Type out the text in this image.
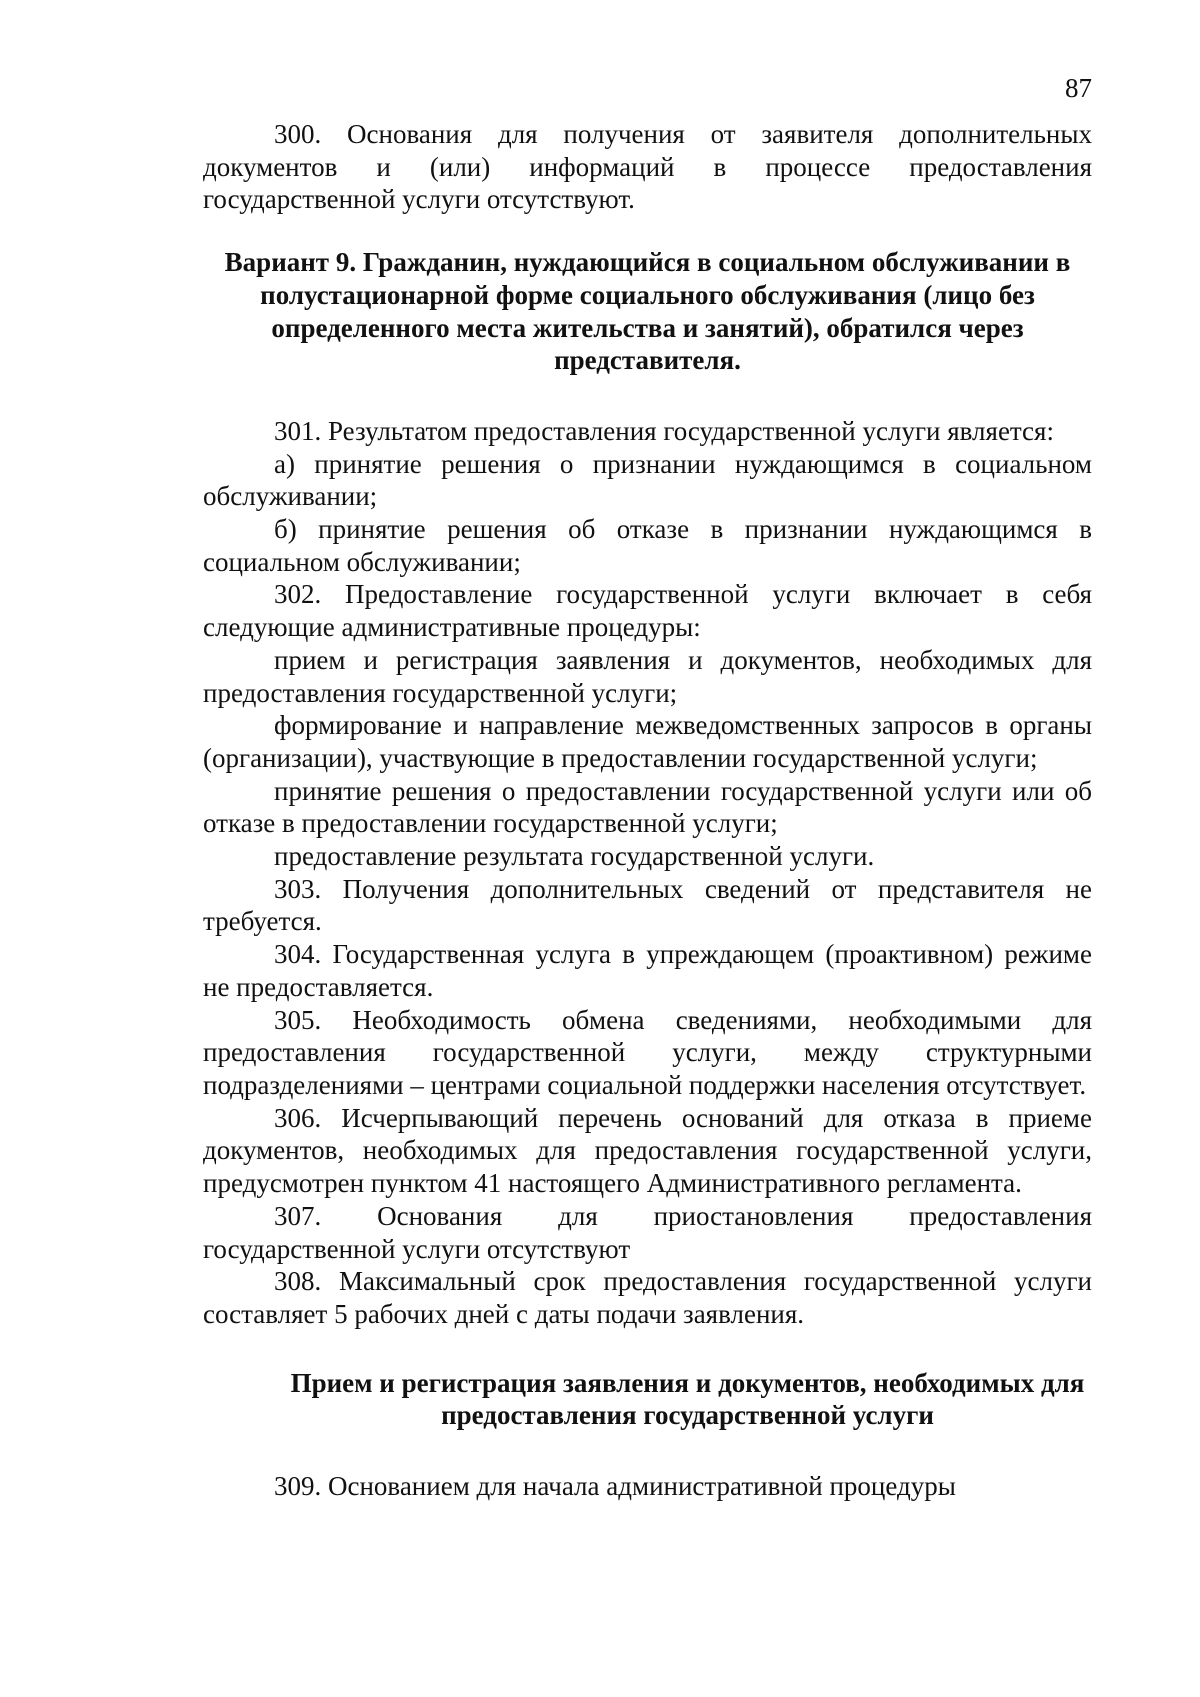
87

300. Основания для получения от заявителя дополнительных документов и (или) информаций в процессе предоставления государственной услуги отсутствуют.

Вариант 9. Гражданин, нуждающийся в социальном обслуживании в полустационарной форме социального обслуживания (лицо без определенного места жительства и занятий), обратился через представителя.

301. Результатом предоставления государственной услуги является:

а) принятие решения о признании нуждающимся в социальном обслуживании;

б) принятие решения об отказе в признании нуждающимся в социальном обслуживании;

302. Предоставление государственной услуги включает в себя следующие административные процедуры:

прием и регистрация заявления и документов, необходимых для предоставления государственной услуги;

формирование и направление межведомственных запросов в органы (организации), участвующие в предоставлении государственной услуги;

принятие решения о предоставлении государственной услуги или об отказе в предоставлении государственной услуги;

предоставление результата государственной услуги.

303. Получения дополнительных сведений от представителя не требуется.

304. Государственная услуга в упреждающем (проактивном) режиме не предоставляется.

305. Необходимость обмена сведениями, необходимыми для предоставления государственной услуги, между структурными подразделениями – центрами социальной поддержки населения отсутствует.

306. Исчерпывающий перечень оснований для отказа в приеме документов, необходимых для предоставления государственной услуги, предусмотрен пунктом 41 настоящего Административного регламента.

307. Основания для приостановления предоставления государственной услуги отсутствуют

308. Максимальный срок предоставления государственной услуги составляет 5 рабочих дней с даты подачи заявления.

Прием и регистрация заявления и документов, необходимых для предоставления государственной услуги

309. Основанием для начала административной процедуры
